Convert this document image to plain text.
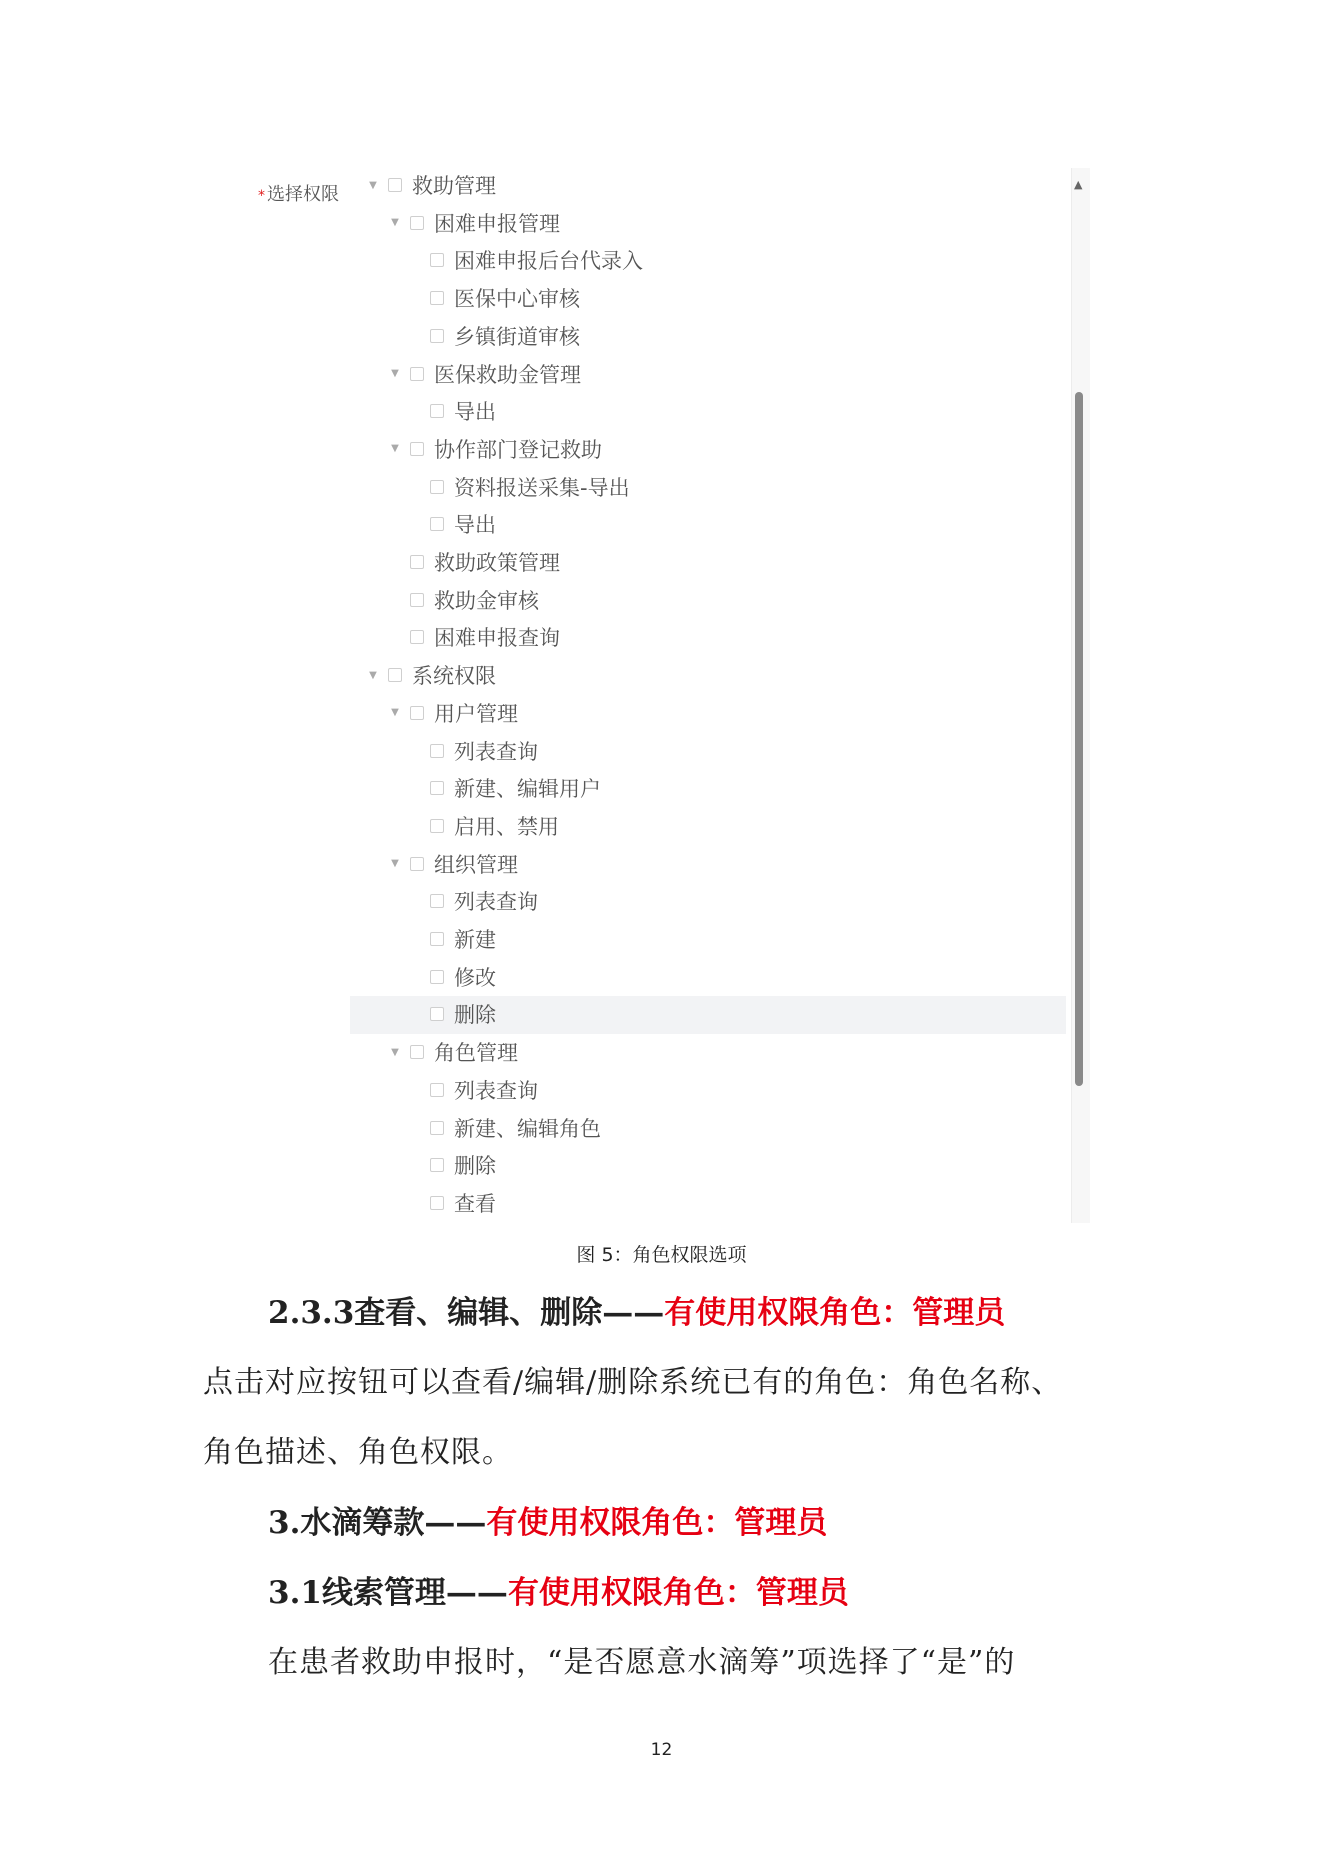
* 选择权限	▼ 救助管理
▼ 困难申报管理
困难申报后台代录入
医保中心审核
乡镇街道审核
▼ 医保救助金管理
导出
▼ 协作部门登记救助
资料报送采集-导出
导出
救助政策管理
救助金审核
困难申报查询
▼ 系统权限
▼ 用户管理
列表查询
新建、编辑用户
启用、禁用
▼ 组织管理
列表查询
新建
修改
删除
▼ 角色管理
列表查询
新建、编辑角色
删除
查看
▲
图 5：角色权限选项
2.3.3查看、编辑、删除——有使用权限角色：管理员
点击对应按钮可以查看/编辑/删除系统已有的角色：角色名称、
角色描述、角色权限。
3.水滴筹款——有使用权限角色：管理员
3.1线索管理——有使用权限角色：管理员
在患者救助申报时，“是否愿意水滴筹”项选择了“是”的
12
